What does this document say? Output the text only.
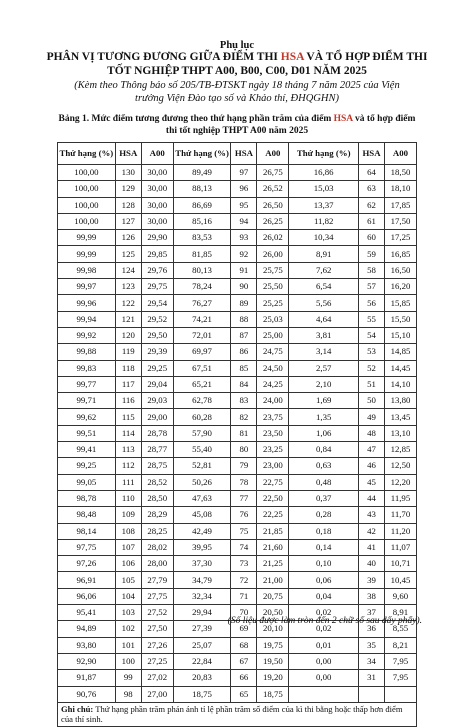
Phụ lục
PHÂN VỊ TƯƠNG ĐƯƠNG GIỮA ĐIỂM THI HSA VÀ TỔ HỢP ĐIỂM THI TỐT NGHIỆP THPT A00, B00, C00, D01 NĂM 2025
(Kèm theo Thông báo số 205/TB-ĐTSKT ngày 18 tháng 7 năm 2025 của Viện trưởng Viện Đào tạo số và Khảo thí, ĐHQGHN)
Bảng 1. Mức điểm tương đương theo thứ hạng phần trăm của điểm HSA và tổ hợp điểm thi tốt nghiệp THPT A00 năm 2025
Thứ hạng (%)	HSA	A00	Thứ hạng (%)	HSA	A00	Thứ hạng (%)	HSA	A00
100,00	130	30,00	89,49	97	26,75	16,86	64	18,50
100,00	129	30,00	88,13	96	26,52	15,03	63	18,10
100,00	128	30,00	86,69	95	26,50	13,37	62	17,85
100,00	127	30,00	85,16	94	26,25	11,82	61	17,50
99,99	126	29,90	83,53	93	26,02	10,34	60	17,25
99,99	125	29,85	81,85	92	26,00	8,91	59	16,85
99,98	124	29,76	80,13	91	25,75	7,62	58	16,50
99,97	123	29,75	78,24	90	25,50	6,54	57	16,20
99,96	122	29,54	76,27	89	25,25	5,56	56	15,85
99,94	121	29,52	74,21	88	25,03	4,64	55	15,50
99,92	120	29,50	72,01	87	25,00	3,81	54	15,10
99,88	119	29,39	69,97	86	24,75	3,14	53	14,85
99,83	118	29,25	67,51	85	24,50	2,57	52	14,45
99,77	117	29,04	65,21	84	24,25	2,10	51	14,10
99,71	116	29,03	62,78	83	24,00	1,69	50	13,80
99,62	115	29,00	60,28	82	23,75	1,35	49	13,45
99,51	114	28,78	57,90	81	23,50	1,06	48	13,10
99,41	113	28,77	55,40	80	23,25	0,84	47	12,85
99,25	112	28,75	52,81	79	23,00	0,63	46	12,50
99,05	111	28,52	50,26	78	22,75	0,48	45	12,20
98,78	110	28,50	47,63	77	22,50	0,37	44	11,95
98,48	109	28,29	45,08	76	22,25	0,28	43	11,70
98,14	108	28,25	42,49	75	21,85	0,18	42	11,20
97,75	107	28,02	39,95	74	21,60	0,14	41	11,07
97,26	106	28,00	37,30	73	21,25	0,10	40	10,71
96,91	105	27,79	34,79	72	21,00	0,06	39	10,45
96,06	104	27,75	32,34	71	20,75	0,04	38	9,60
95,41	103	27,52	29,94	70	20,50	0,02	37	8,91
94,89	102	27,50	27,39	69	20,10	0,02	36	8,55
93,80	101	27,26	25,07	68	19,75	0,01	35	8,21
92,90	100	27,25	22,84	67	19,50	0,00	34	7,95
91,87	99	27,02	20,83	66	19,20	0,00	31	7,95
90,76	98	27,00	18,75	65	18,75			
Ghi chú: Thứ hạng phần trăm phản ánh tỉ lệ phần trăm số điểm của kì thi bằng hoặc thấp hơn điểm của thí sinh.								
(Số liệu được làm tròn đến 2 chữ số sau dấy phẩy).
